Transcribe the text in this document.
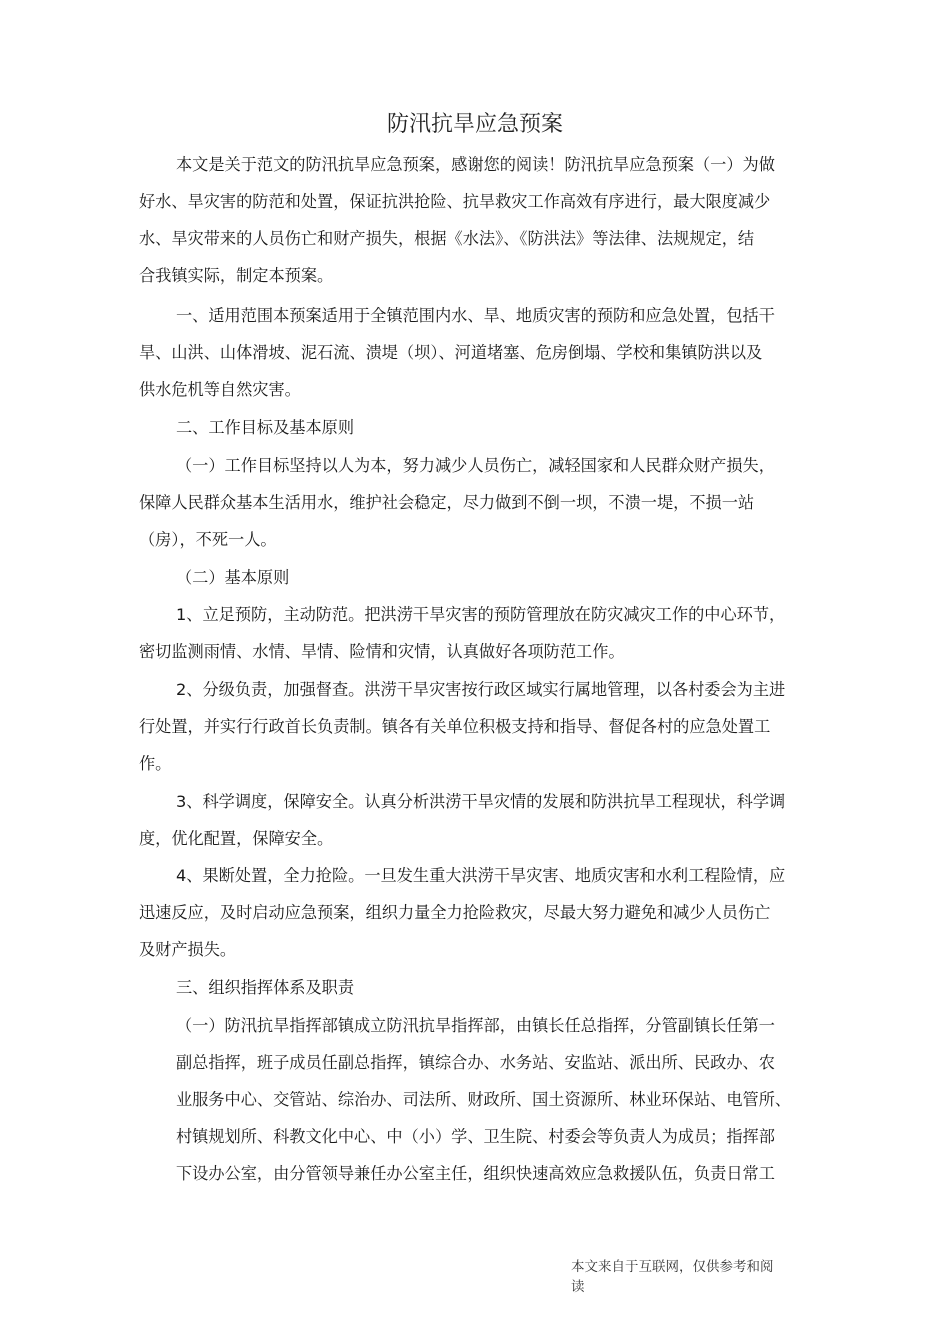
防汛抗旱应急预案
本文是关于范文的防汛抗旱应急预案，感谢您的阅读！防汛抗旱应急预案（一）为做
好水、旱灾害的防范和处置，保证抗洪抢险、抗旱救灾工作高效有序进行，最大限度减少
水、旱灾带来的人员伤亡和财产损失，根据《水法》、《防洪法》等法律、法规规定，结
合我镇实际，制定本预案。
一、适用范围本预案适用于全镇范围内水、旱、地质灾害的预防和应急处置，包括干
旱、山洪、山体滑坡、泥石流、溃堤（坝）、河道堵塞、危房倒塌、学校和集镇防洪以及
供水危机等自然灾害。
二、工作目标及基本原则
（一）工作目标坚持以人为本，努力减少人员伤亡，减轻国家和人民群众财产损失，
保障人民群众基本生活用水，维护社会稳定，尽力做到不倒一坝，不溃一堤，不损一站
（房），不死一人。
（二）基本原则
1、立足预防，主动防范。把洪涝干旱灾害的预防管理放在防灾减灾工作的中心环节，
密切监测雨情、水情、旱情、险情和灾情，认真做好各项防范工作。
2、分级负责，加强督查。洪涝干旱灾害按行政区域实行属地管理，以各村委会为主进
行处置，并实行行政首长负责制。镇各有关单位积极支持和指导、督促各村的应急处置工
作。
3、科学调度，保障安全。认真分析洪涝干旱灾情的发展和防洪抗旱工程现状，科学调
度，优化配置，保障安全。
4、果断处置，全力抢险。一旦发生重大洪涝干旱灾害、地质灾害和水利工程险情，应
迅速反应，及时启动应急预案，组织力量全力抢险救灾，尽最大努力避免和减少人员伤亡
及财产损失。
三、组织指挥体系及职责
（一）防汛抗旱指挥部镇成立防汛抗旱指挥部，由镇长任总指挥，分管副镇长任第一
副总指挥，班子成员任副总指挥，镇综合办、水务站、安监站、派出所、民政办、农
业服务中心、交管站、综治办、司法所、财政所、国土资源所、林业环保站、电管所、
村镇规划所、科教文化中心、中（小）学、卫生院、村委会等负责人为成员；指挥部
下设办公室，由分管领导兼任办公室主任，组织快速高效应急救援队伍，负责日常工
本文来自于互联网，仅供参考和阅
读
